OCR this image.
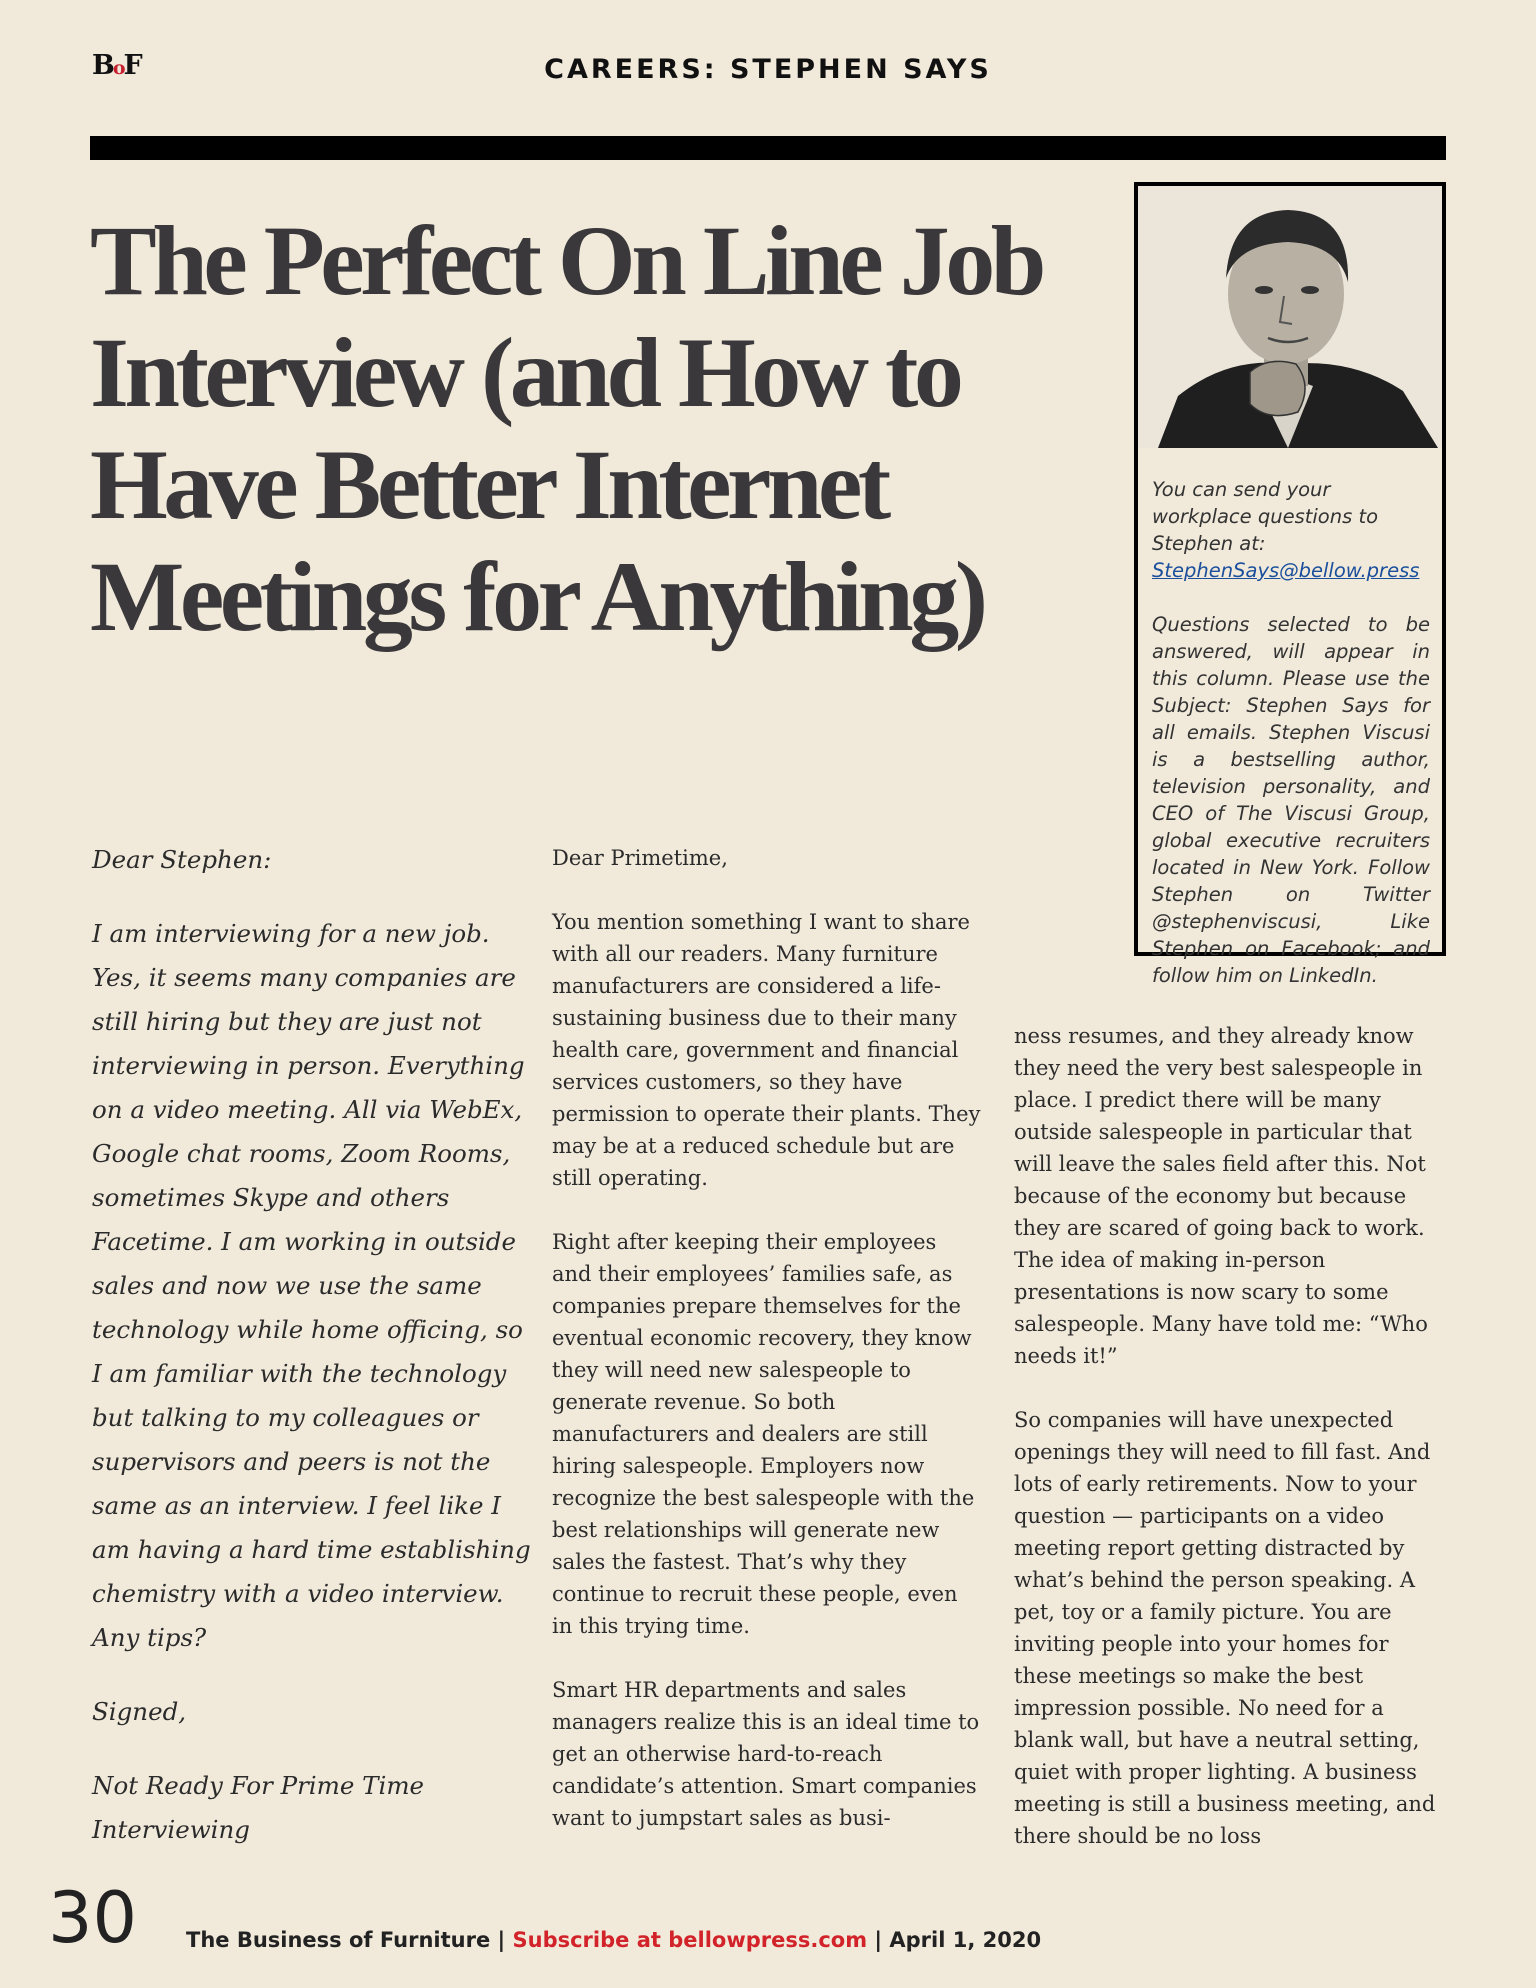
BoF	CAREERS: STEPHEN SAYS
The Perfect On Line Job Interview (and How to Have Better Internet Meetings for Anything)

You can send your workplace questions to Stephen at:

StephenSays@bellow.press

Questions selected to be answered, will appear in this column. Please use the Subject: Stephen Says for all emails. Stephen Viscusi is a bestselling author, television personality, and CEO of The Viscusi Group, global executive recruiters located in New York. Follow Stephen on Twitter @stephenviscusi, Like Stephen on Facebook; and follow him on LinkedIn.

Dear Stephen:

I am interviewing for a new job. Yes, it seems many companies are still hiring but they are just not interviewing in person. Everything on a video meeting. All via WebEx, Google chat rooms, Zoom Rooms, sometimes Skype and others Facetime. I am working in outside sales and now we use the same technology while home officing, so I am familiar with the technology but talking to my colleagues or supervisors and peers is not the same as an interview. I feel like I am having a hard time establishing chemistry with a video interview. Any tips?

Signed,

Not Ready For Prime Time Interviewing

Dear Primetime,

You mention something I want to share with all our readers. Many furniture manufacturers are considered a life-sustaining business due to their many health care, government and financial services customers, so they have permission to operate their plants. They may be at a reduced schedule but are still operating.

Right after keeping their employees and their employees’ families safe, as companies prepare themselves for the eventual economic recovery, they know they will need new salespeople to generate revenue. So both manufacturers and dealers are still hiring salespeople. Employers now recognize the best salespeople with the best relationships will generate new sales the fastest. That’s why they continue to recruit these people, even in this trying time.

Smart HR departments and sales managers realize this is an ideal time to get an otherwise hard-to-reach candidate’s attention. Smart companies want to jumpstart sales as busi-

ness resumes, and they already know they need the very best salespeople in place. I predict there will be many outside salespeople in particular that will leave the sales field after this. Not because of the economy but because they are scared of going back to work. The idea of making in-person presentations is now scary to some salespeople. Many have told me: “Who needs it!”

So companies will have unexpected openings they will need to fill fast. And lots of early retirements. Now to your question — participants on a video meeting report getting distracted by what’s behind the person speaking. A pet, toy or a family picture. You are inviting people into your homes for these meetings so make the best impression possible. No need for a blank wall, but have a neutral setting, quiet with proper lighting. A business meeting is still a business meeting, and there should be no loss

30 The Business of Furniture | Subscribe at bellowpress.com | April 1, 2020
